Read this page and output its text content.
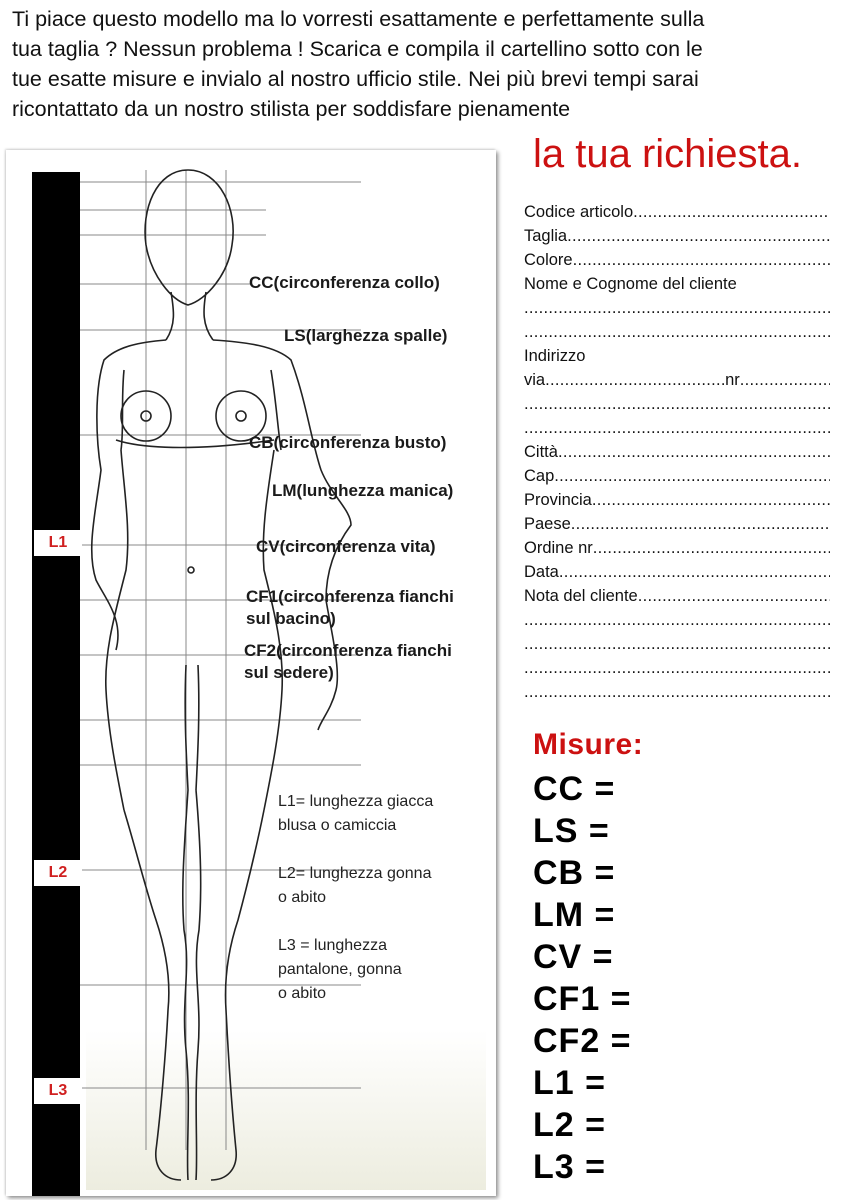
Ti piace questo modello ma lo vorresti esattamente e perfettamente sulla
tua taglia ? Nessun problema ! Scarica e compila il cartellino sotto con le
tue esatte misure e invialo al nostro ufficio stile. Nei più brevi tempi sarai
ricontattato da un nostro stilista per soddisfare pienamente
L1
L2
L3
CC(circonferenza collo)
LS(larghezza spalle)
CB(circonferenza busto)
LM(lunghezza manica)
CV(circonferenza vita)
CF1(circonferenza fianchi
sul bacino)
CF2(circonferenza fianchi
sul sedere)
L1= lunghezza giacca
blusa o camiccia
L2= lunghezza gonna
o abito
L3 = lunghezza
pantalone, gonna
o abito
la tua richiesta.
Codice articolo
.....
Taglia
.....
Colore
.....
Nome e Cognome del cliente
.....
.....
Indirizzo
via
.....	nr
.....
.....
.....
Città
.....
Cap
.....
Provincia
.....
Paese
.....
Ordine nr
.....
Data
.....
Nota del cliente
.....
.....
.....
.....
.....
Misure:
CC =
LS =
CB =
LM =
CV =
CF1 =
CF2 =
L1 =
L2 =
L3 =
